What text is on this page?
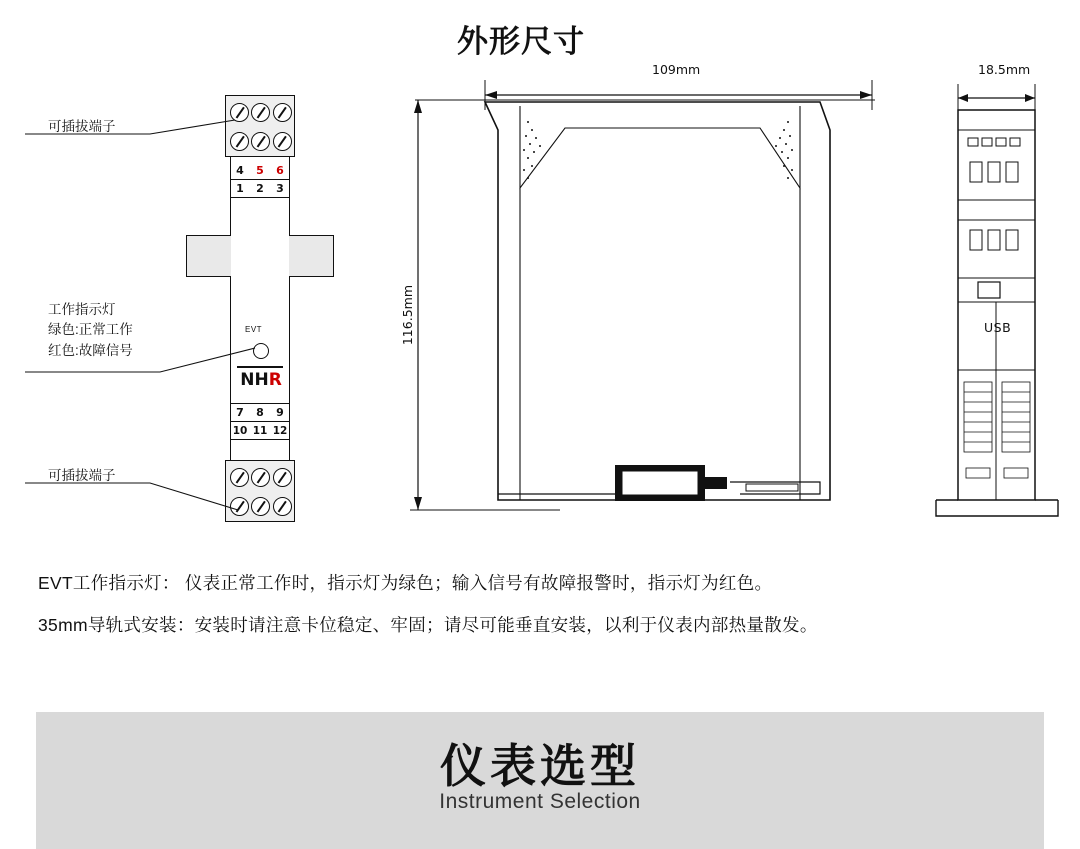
外形尺寸
4 5 6
1 2 3
EVT
NHR
7 8 9
10 11 12
可插拔端子
工作指示灯
绿色:正常工作
红色:故障信号
可插拔端子
109mm
116.5mm
18.5mm
USB

EVT工作指示灯： 仪表正常工作时，指示灯为绿色；输入信号有故障报警时，指示灯为红色。

35mm导轨式安装：安装时请注意卡位稳定、牢固；请尽可能垂直安装，以利于仪表内部热量散发。

仪表选型
Instrument Selection
